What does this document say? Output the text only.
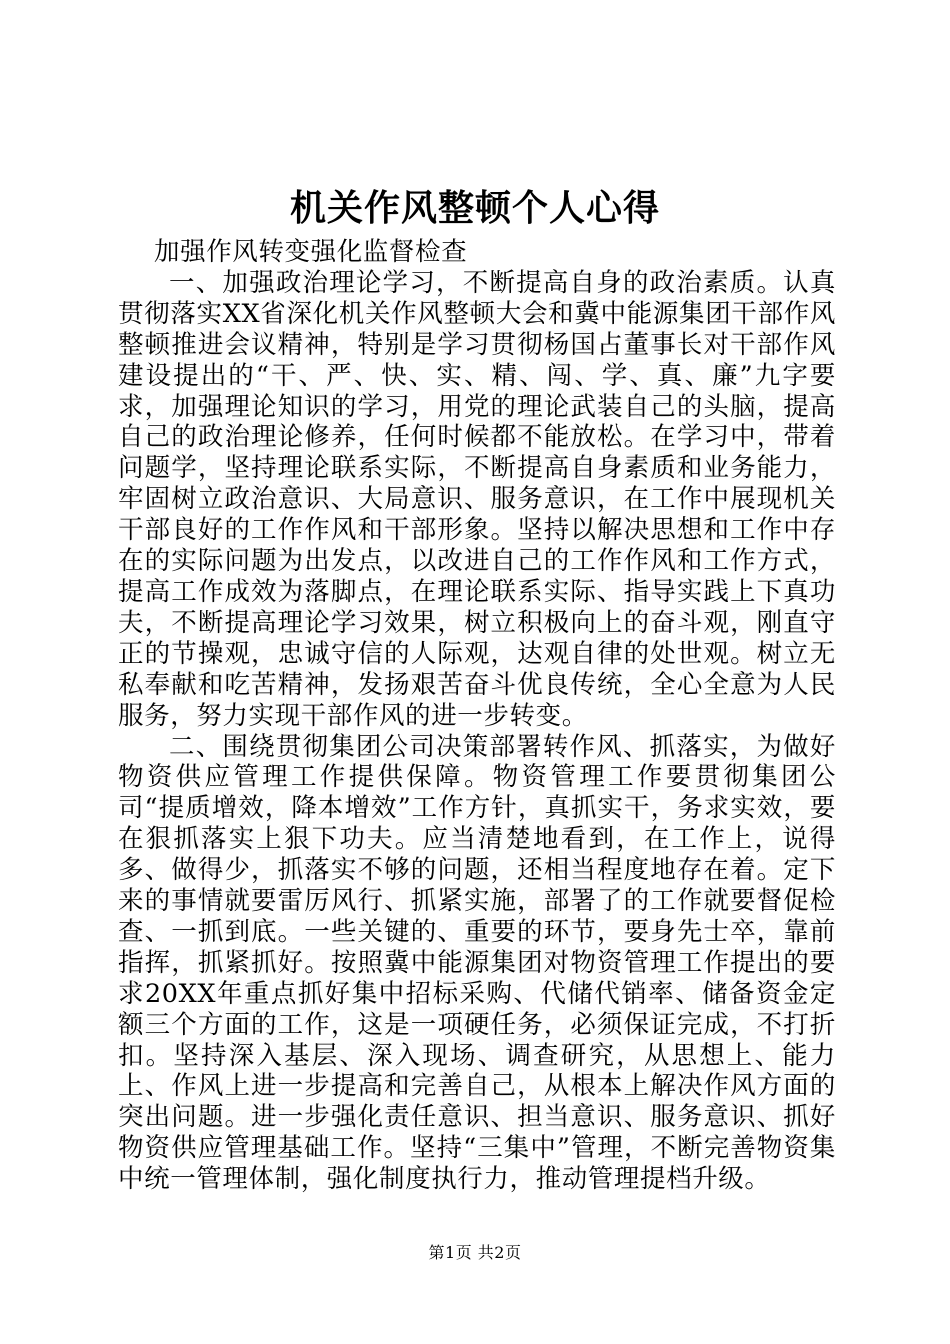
机关作风整顿个人心得

加强作风转变强化监督检查

一、加强政治理论学习，不断提高自身的政治素质。认真贯彻落实XX省深化机关作风整顿大会和冀中能源集团干部作风整顿推进会议精神，特别是学习贯彻杨国占董事长对干部作风建设提出的“干、严、快、实、精、闯、学、真、廉”九字要求，加强理论知识的学习，用党的理论武装自己的头脑，提高自己的政治理论修养，任何时候都不能放松。在学习中，带着问题学，坚持理论联系实际，不断提高自身素质和业务能力，牢固树立政治意识、大局意识、服务意识，在工作中展现机关干部良好的工作作风和干部形象。坚持以解决思想和工作中存在的实际问题为出发点，以改进自己的工作作风和工作方式，提高工作成效为落脚点，在理论联系实际、指导实践上下真功夫，不断提高理论学习效果，树立积极向上的奋斗观，刚直守正的节操观，忠诚守信的人际观，达观自律的处世观。树立无私奉献和吃苦精神，发扬艰苦奋斗优良传统，全心全意为人民服务，努力实现干部作风的进一步转变。

二、围绕贯彻集团公司决策部署转作风、抓落实，为做好物资供应管理工作提供保障。物资管理工作要贯彻集团公司“提质增效，降本增效”工作方针，真抓实干，务求实效，要在狠抓落实上狠下功夫。应当清楚地看到，在工作上，说得多、做得少，抓落实不够的问题，还相当程度地存在着。定下来的事情就要雷厉风行、抓紧实施，部署了的工作就要督促检查、一抓到底。一些关键的、重要的环节，要身先士卒，靠前指挥，抓紧抓好。按照冀中能源集团对物资管理工作提出的要求20XX年重点抓好集中招标采购、代储代销率、储备资金定额三个方面的工作，这是一项硬任务，必须保证完成，不打折扣。坚持深入基层、深入现场、调查研究，从思想上、能力上、作风上进一步提高和完善自己，从根本上解决作风方面的突出问题。进一步强化责任意识、担当意识、服务意识、抓好物资供应管理基础工作。坚持“三集中”管理，不断完善物资集中统一管理体制，强化制度执行力，推动管理提档升级。

第1页 共2页
